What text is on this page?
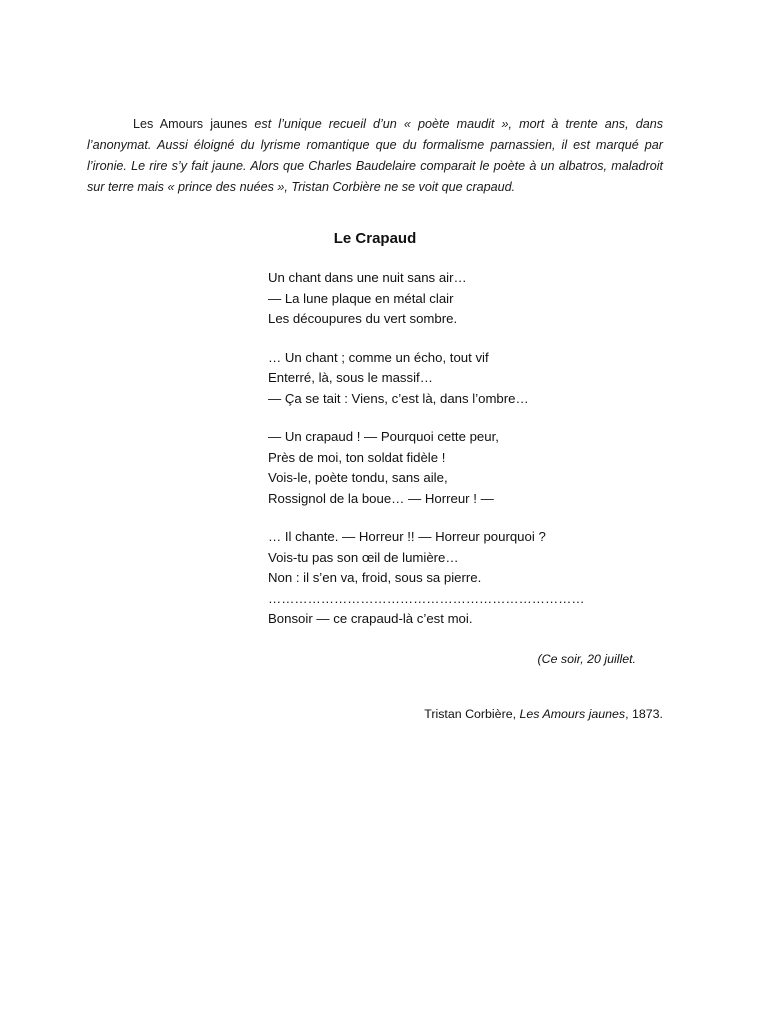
Les Amours jaunes est l’unique recueil d’un « poète maudit », mort à trente ans, dans l’anonymat. Aussi éloigné du lyrisme romantique que du formalisme parnassien, il est marqué par l’ironie. Le rire s’y fait jaune. Alors que Charles Baudelaire comparait le poète à un albatros, maladroit sur terre mais « prince des nuées », Tristan Corbière ne se voit que crapaud.
Le Crapaud
Un chant dans une nuit sans air…
— La lune plaque en métal clair
Les découpures du vert sombre.
… Un chant ; comme un écho, tout vif
Enterré, là, sous le massif…
— Ça se tait : Viens, c’est là, dans l’ombre…
— Un crapaud ! — Pourquoi cette peur,
Près de moi, ton soldat fidèle !
Vois-le, poète tondu, sans aile,
Rossignol de la boue… — Horreur ! —
… Il chante. — Horreur !! — Horreur pourquoi ?
Vois-tu pas son œil de lumière…
Non : il s’en va, froid, sous sa pierre.
………………………………………………………………
Bonsoir — ce crapaud-là c’est moi.
(Ce soir, 20 juillet.
Tristan Corbière, Les Amours jaunes, 1873.
